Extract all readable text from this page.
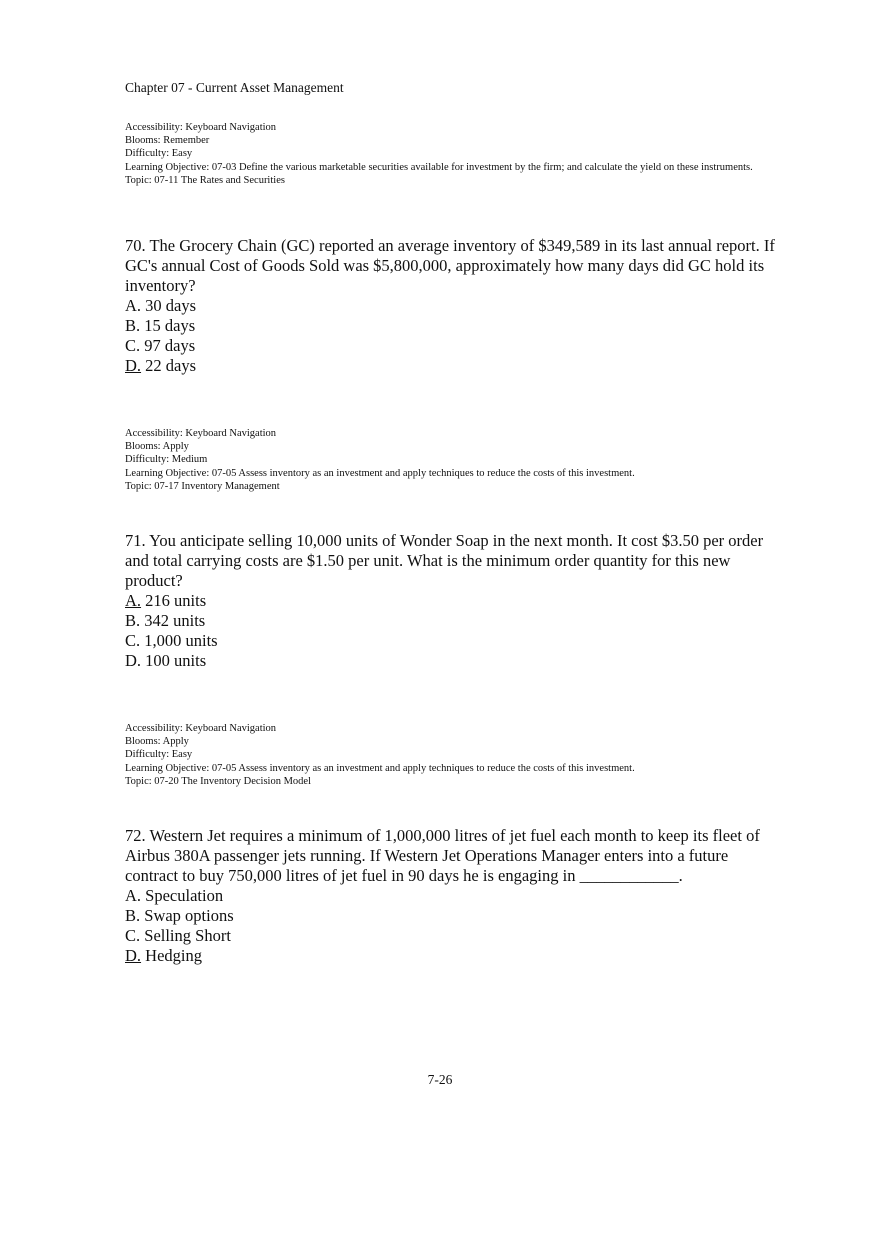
Chapter 07 - Current Asset Management
Accessibility: Keyboard Navigation
Blooms: Remember
Difficulty: Easy
Learning Objective: 07-03 Define the various marketable securities available for investment by the firm; and calculate the yield on these instruments.
Topic: 07-11 The Rates and Securities

70. The Grocery Chain (GC) reported an average inventory of $349,589 in its last annual report. If GC's annual Cost of Goods Sold was $5,800,000, approximately how many days did GC hold its inventory?

A. 30 days

B. 15 days

C. 97 days

D. 22 days

Accessibility: Keyboard Navigation
Blooms: Apply
Difficulty: Medium
Learning Objective: 07-05 Assess inventory as an investment and apply techniques to reduce the costs of this investment.
Topic: 07-17 Inventory Management

71. You anticipate selling 10,000 units of Wonder Soap in the next month. It cost $3.50 per order and total carrying costs are $1.50 per unit. What is the minimum order quantity for this new product?

A. 216 units

B. 342 units

C. 1,000 units

D. 100 units

Accessibility: Keyboard Navigation
Blooms: Apply
Difficulty: Easy
Learning Objective: 07-05 Assess inventory as an investment and apply techniques to reduce the costs of this investment.
Topic: 07-20 The Inventory Decision Model

72. Western Jet requires a minimum of 1,000,000 litres of jet fuel each month to keep its fleet of Airbus 380A passenger jets running. If Western Jet Operations Manager enters into a future contract to buy 750,000 litres of jet fuel in 90 days he is engaging in ____________.

A. Speculation

B. Swap options

C. Selling Short

D. Hedging

7-26
